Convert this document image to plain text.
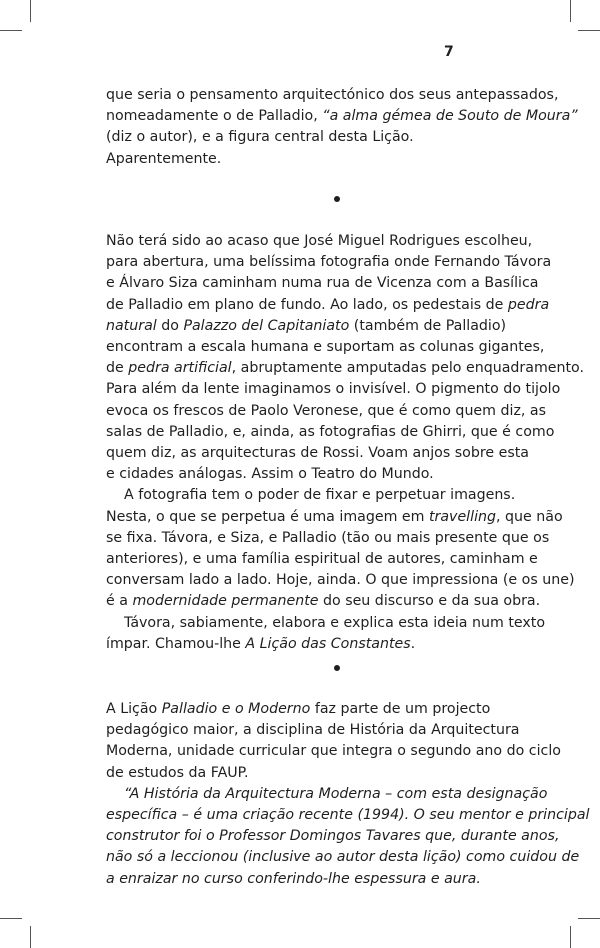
7
que seria o pensamento arquitectónico dos seus antepassados,
nomeadamente o de Palladio, “a alma gémea de Souto de Moura”
(diz o autor), e a figura central desta Lição.
Aparentemente.
Não terá sido ao acaso que José Miguel Rodrigues escolheu,
para abertura, uma belíssima fotografia onde Fernando Távora
e Álvaro Siza caminham numa rua de Vicenza com a Basílica
de Palladio em plano de fundo. Ao lado, os pedestais de pedra
natural do Palazzo del Capitaniato (também de Palladio)
encontram a escala humana e suportam as colunas gigantes,
de pedra artificial, abruptamente amputadas pelo enquadramento.
Para além da lente imaginamos o invisível. O pigmento do tijolo
evoca os frescos de Paolo Veronese, que é como quem diz, as
salas de Palladio, e, ainda, as fotografias de Ghirri, que é como
quem diz, as arquitecturas de Rossi. Voam anjos sobre esta
e cidades análogas. Assim o Teatro do Mundo.
A fotografia tem o poder de fixar e perpetuar imagens.
Nesta, o que se perpetua é uma imagem em travelling, que não
se fixa. Távora, e Siza, e Palladio (tão ou mais presente que os
anteriores), e uma família espiritual de autores, caminham e
conversam lado a lado. Hoje, ainda. O que impressiona (e os une)
é a modernidade permanente do seu discurso e da sua obra.
Távora, sabiamente, elabora e explica esta ideia num texto
ímpar. Chamou-lhe A Lição das Constantes.
A Lição Palladio e o Moderno faz parte de um projecto
pedagógico maior, a disciplina de História da Arquitectura
Moderna, unidade curricular que integra o segundo ano do ciclo
de estudos da FAUP.
“A História da Arquitectura Moderna – com esta designação
específica – é uma criação recente (1994). O seu mentor e principal
construtor foi o Professor Domingos Tavares que, durante anos,
não só a leccionou (inclusive ao autor desta lição) como cuidou de
a enraizar no curso conferindo-lhe espessura e aura.
